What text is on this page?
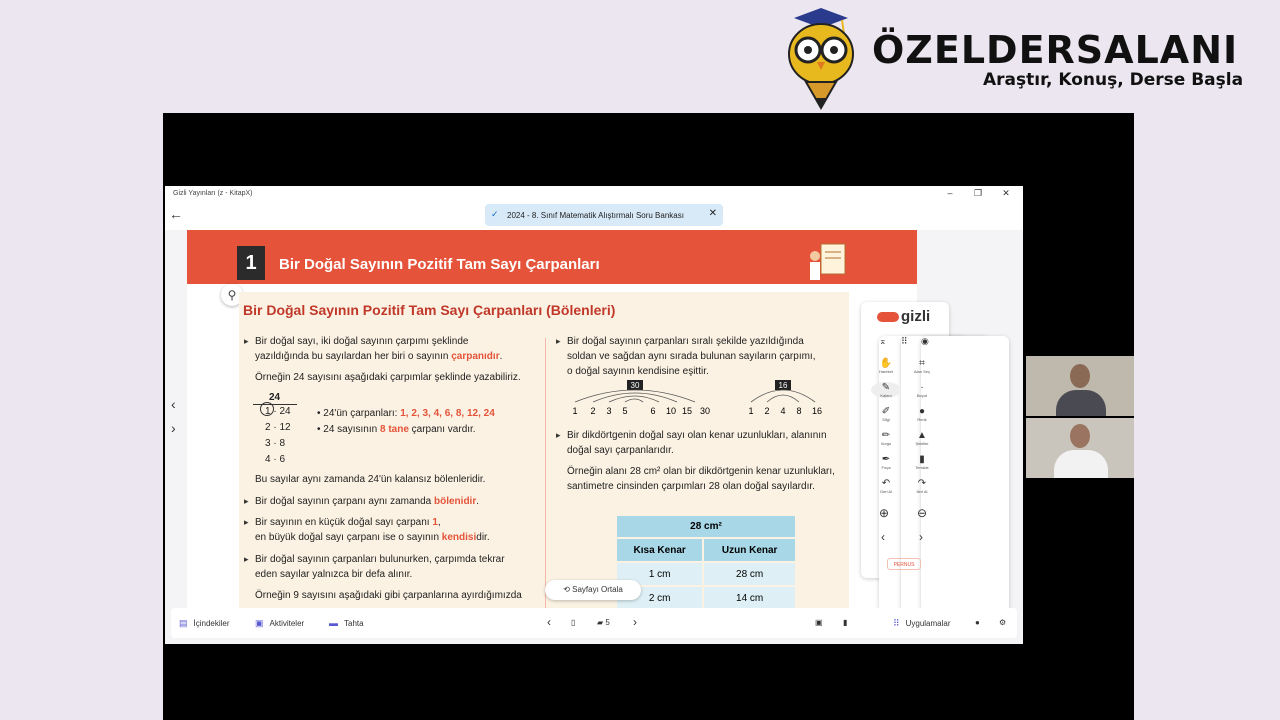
ÖZELDERSALANI
Araştır, Konuş, Derse Başla
Gizli Yayınları (z - KitapX)	–	❐	✕
←	✓ 2024 - 8. Sınıf Matematik Alıştırmalı Soru Bankası ✕
‹
›
1	Bir Doğal Sayının Pozitif Tam Sayı Çarpanları
⚲
Bir Doğal Sayının Pozitif Tam Sayı Çarpanları (Bölenleri)
▸ Bir doğal sayı, iki doğal sayının çarpımı şeklinde
yazıldığında bu sayılardan her biri o sayının çarpanıdır.
Örneğin 24 sayısını aşağıdaki çarpımlar şeklinde yazabiliriz.
24
1 · 24
2 · 12
3 · 8
4 · 6
• 24'ün çarpanları: 1, 2, 3, 4, 6, 8, 12, 24
• 24 sayısının 8 tane çarpanı vardır.
Bu sayılar aynı zamanda 24'ün kalansız bölenleridir.
▸ Bir doğal sayının çarpanı aynı zamanda bölenidir.
▸ Bir sayının en küçük doğal sayı çarpanı 1,
en büyük doğal sayı çarpanı ise o sayının kendisidir.
▸ Bir doğal sayının çarpanları bulunurken, çarpımda tekrar
eden sayılar yalnızca bir defa alınır.
Örneğin 9 sayısını aşağıdaki gibi çarpanlarına ayırdığımızda
▸ Bir doğal sayının çarpanları sıralı şekilde yazıldığında
soldan ve sağdan aynı sırada bulunan sayıların çarpımı,
o doğal sayının kendisine eşittir.
30
1 2 3 5	6 10 15 30
16
1 2 4 8 16
▸ Bir dikdörtgenin doğal sayı olan kenar uzunlukları, alanının
doğal sayı çarpanlarıdır.
Örneğin alanı 28 cm² olan bir dikdörtgenin kenar uzunlukları,
santimetre cinsinden çarpımları 28 olan doğal sayılardır.
28 cm²	
Kısa Kenar	Uzun Kenar
1 cm	28 cm
2 cm	14 cm
gizli
⌅	⠿	◉
✋
Hareket
⌗
Alan Seç
✎
Kalem
·
Boyut
✐
Silgi
●
Renk
✏
Vurgu
▲
Şekiller
✒
Fırça
▮
Temizle
↶
Geri Al
↷
İleri Al
⊕ ⊖
‹	›
PERNUS
⟲ Sayfayı Ortala
▤ İçindekiler	▣ Aktiviteler	▬ Tahta	‹	▯	▰ 5 ›	▣	▮	⠿ Uygulamalar	● ⚙
